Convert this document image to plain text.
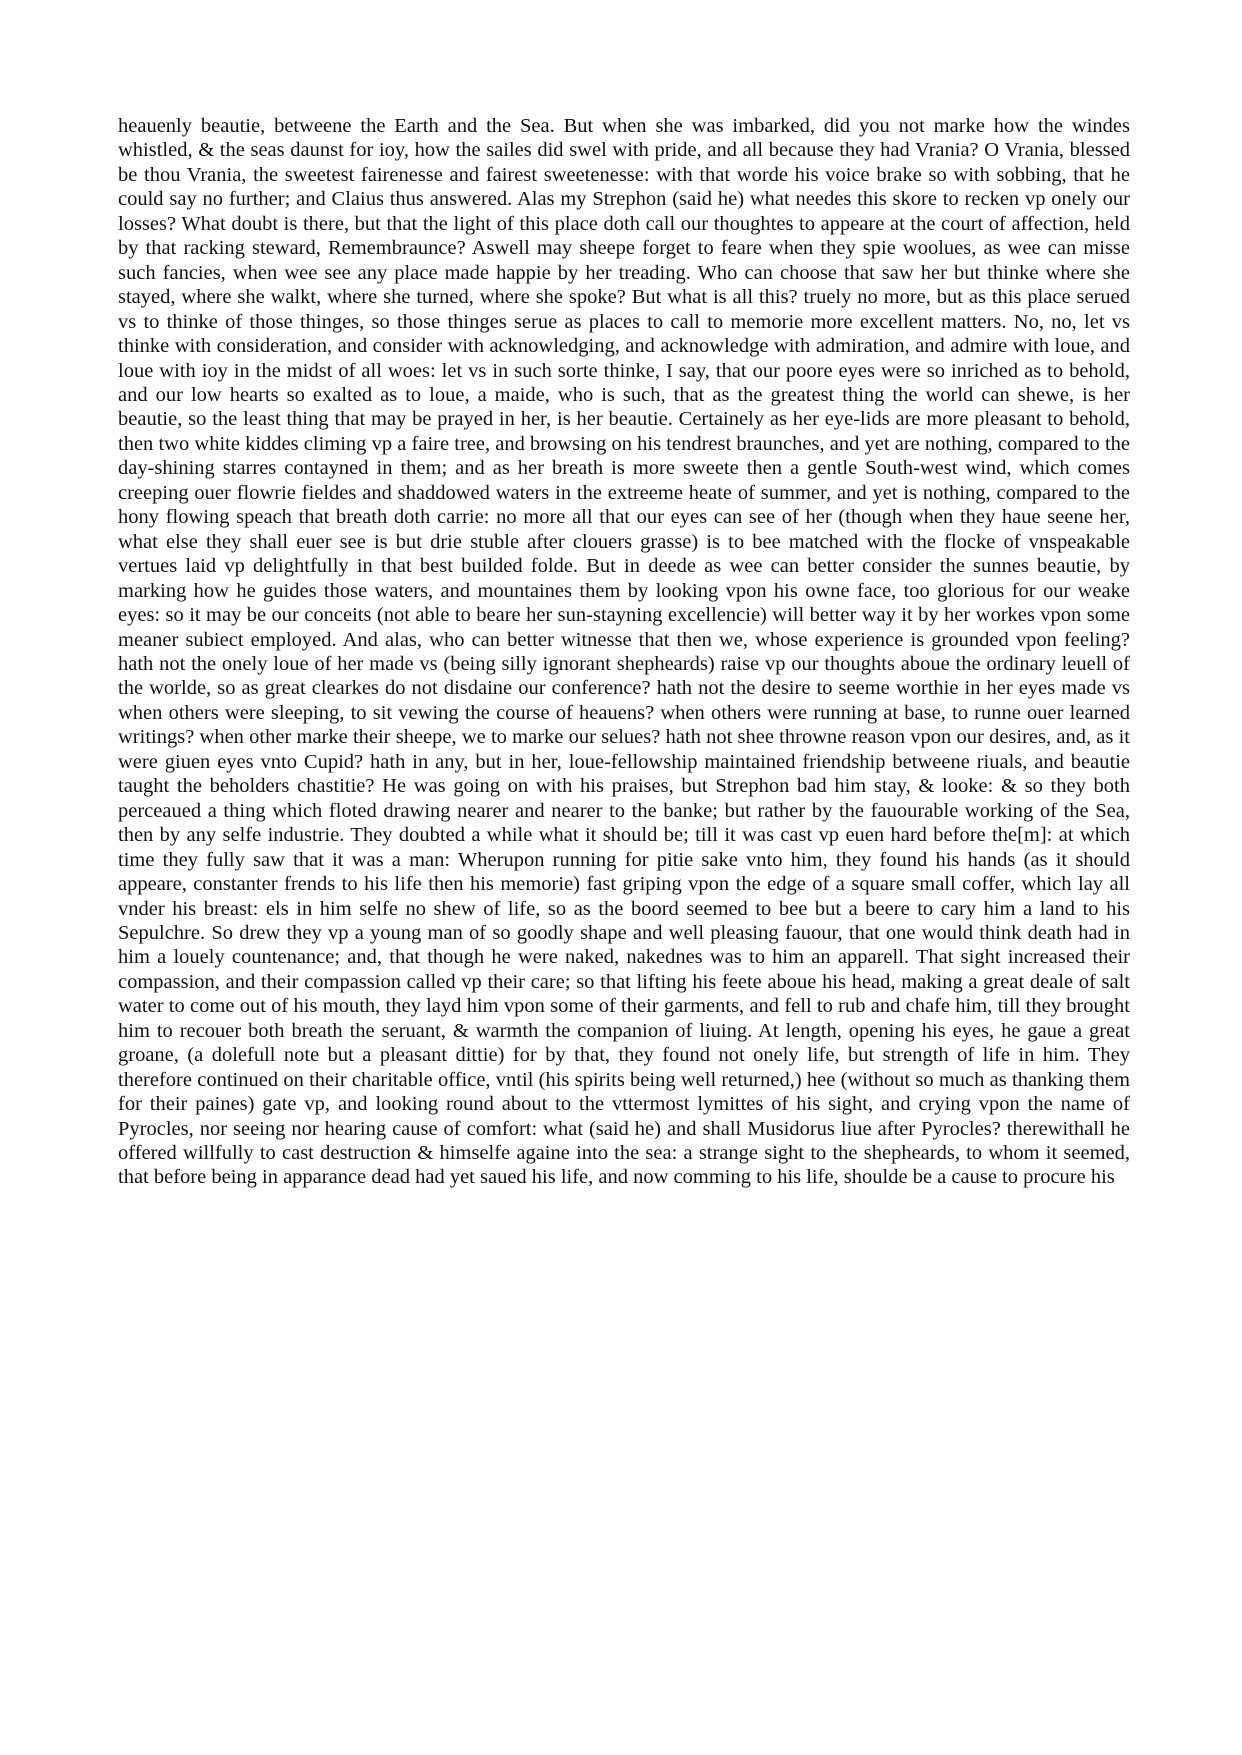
heauenly beautie, betweene the Earth and the Sea. But when she was imbarked, did you not marke how the windes whistled, & the seas daunst for ioy, how the sailes did swel with pride, and all because they had Vrania? O Vrania, blessed be thou Vrania, the sweetest fairenesse and fairest sweetenesse: with that worde his voice brake so with sobbing, that he could say no further; and Claius thus answered. Alas my Strephon (said he) what needes this skore to recken vp onely our losses? What doubt is there, but that the light of this place doth call our thoughtes to appeare at the court of affection, held by that racking steward, Remembraunce? Aswell may sheepe forget to feare when they spie woolues, as wee can misse such fancies, when wee see any place made happie by her treading. Who can choose that saw her but thinke where she stayed, where she walkt, where she turned, where she spoke? But what is all this? truely no more, but as this place serued vs to thinke of those thinges, so those thinges serue as places to call to memorie more excellent matters. No, no, let vs thinke with consideration, and consider with acknowledging, and acknowledge with admiration, and admire with loue, and loue with ioy in the midst of all woes: let vs in such sorte thinke, I say, that our poore eyes were so inriched as to behold, and our low hearts so exalted as to loue, a maide, who is such, that as the greatest thing the world can shewe, is her beautie, so the least thing that may be prayed in her, is her beautie. Certainely as her eye-lids are more pleasant to behold, then two white kiddes climing vp a faire tree, and browsing on his tendrest braunches, and yet are nothing, compared to the day-shining starres contayned in them; and as her breath is more sweete then a gentle South-west wind, which comes creeping ouer flowrie fieldes and shaddowed waters in the extreeme heate of summer, and yet is nothing, compared to the hony flowing speach that breath doth carrie: no more all that our eyes can see of her (though when they haue seene her, what else they shall euer see is but drie stuble after clouers grasse) is to bee matched with the flocke of vnspeakable vertues laid vp delightfully in that best builded folde. But in deede as wee can better consider the sunnes beautie, by marking how he guides those waters, and mountaines them by looking vpon his owne face, too glorious for our weake eyes: so it may be our conceits (not able to beare her sun-stayning excellencie) will better way it by her workes vpon some meaner subiect employed. And alas, who can better witnesse that then we, whose experience is grounded vpon feeling? hath not the onely loue of her made vs (being silly ignorant shepheards) raise vp our thoughts aboue the ordinary leuell of the worlde, so as great clearkes do not disdaine our conference? hath not the desire to seeme worthie in her eyes made vs when others were sleeping, to sit vewing the course of heauens? when others were running at base, to runne ouer learned writings? when other marke their sheepe, we to marke our selues? hath not shee throwne reason vpon our desires, and, as it were giuen eyes vnto Cupid? hath in any, but in her, loue-fellowship maintained friendship betweene riuals, and beautie taught the beholders chastitie? He was going on with his praises, but Strephon bad him stay, & looke: & so they both perceaued a thing which floted drawing nearer and nearer to the banke; but rather by the fauourable working of the Sea, then by any selfe industrie. They doubted a while what it should be; till it was cast vp euen hard before the[m]: at which time they fully saw that it was a man: Wherupon running for pitie sake vnto him, they found his hands (as it should appeare, constanter frends to his life then his memorie) fast griping vpon the edge of a square small coffer, which lay all vnder his breast: els in him selfe no shew of life, so as the boord seemed to bee but a beere to cary him a land to his Sepulchre. So drew they vp a young man of so goodly shape and well pleasing fauour, that one would think death had in him a louely countenance; and, that though he were naked, nakednes was to him an apparell. That sight increased their compassion, and their compassion called vp their care; so that lifting his feete aboue his head, making a great deale of salt water to come out of his mouth, they layd him vpon some of their garments, and fell to rub and chafe him, till they brought him to recouer both breath the seruant, & warmth the companion of liuing. At length, opening his eyes, he gaue a great groane, (a dolefull note but a pleasant dittie) for by that, they found not onely life, but strength of life in him. They therefore continued on their charitable office, vntil (his spirits being well returned,) hee (without so much as thanking them for their paines) gate vp, and looking round about to the vttermost lymittes of his sight, and crying vpon the name of Pyrocles, nor seeing nor hearing cause of comfort: what (said he) and shall Musidorus liue after Pyrocles? therewithall he offered willfully to cast destruction & himselfe againe into the sea: a strange sight to the shepheards, to whom it seemed, that before being in apparance dead had yet saued his life, and now comming to his life, shoulde be a cause to procure his
